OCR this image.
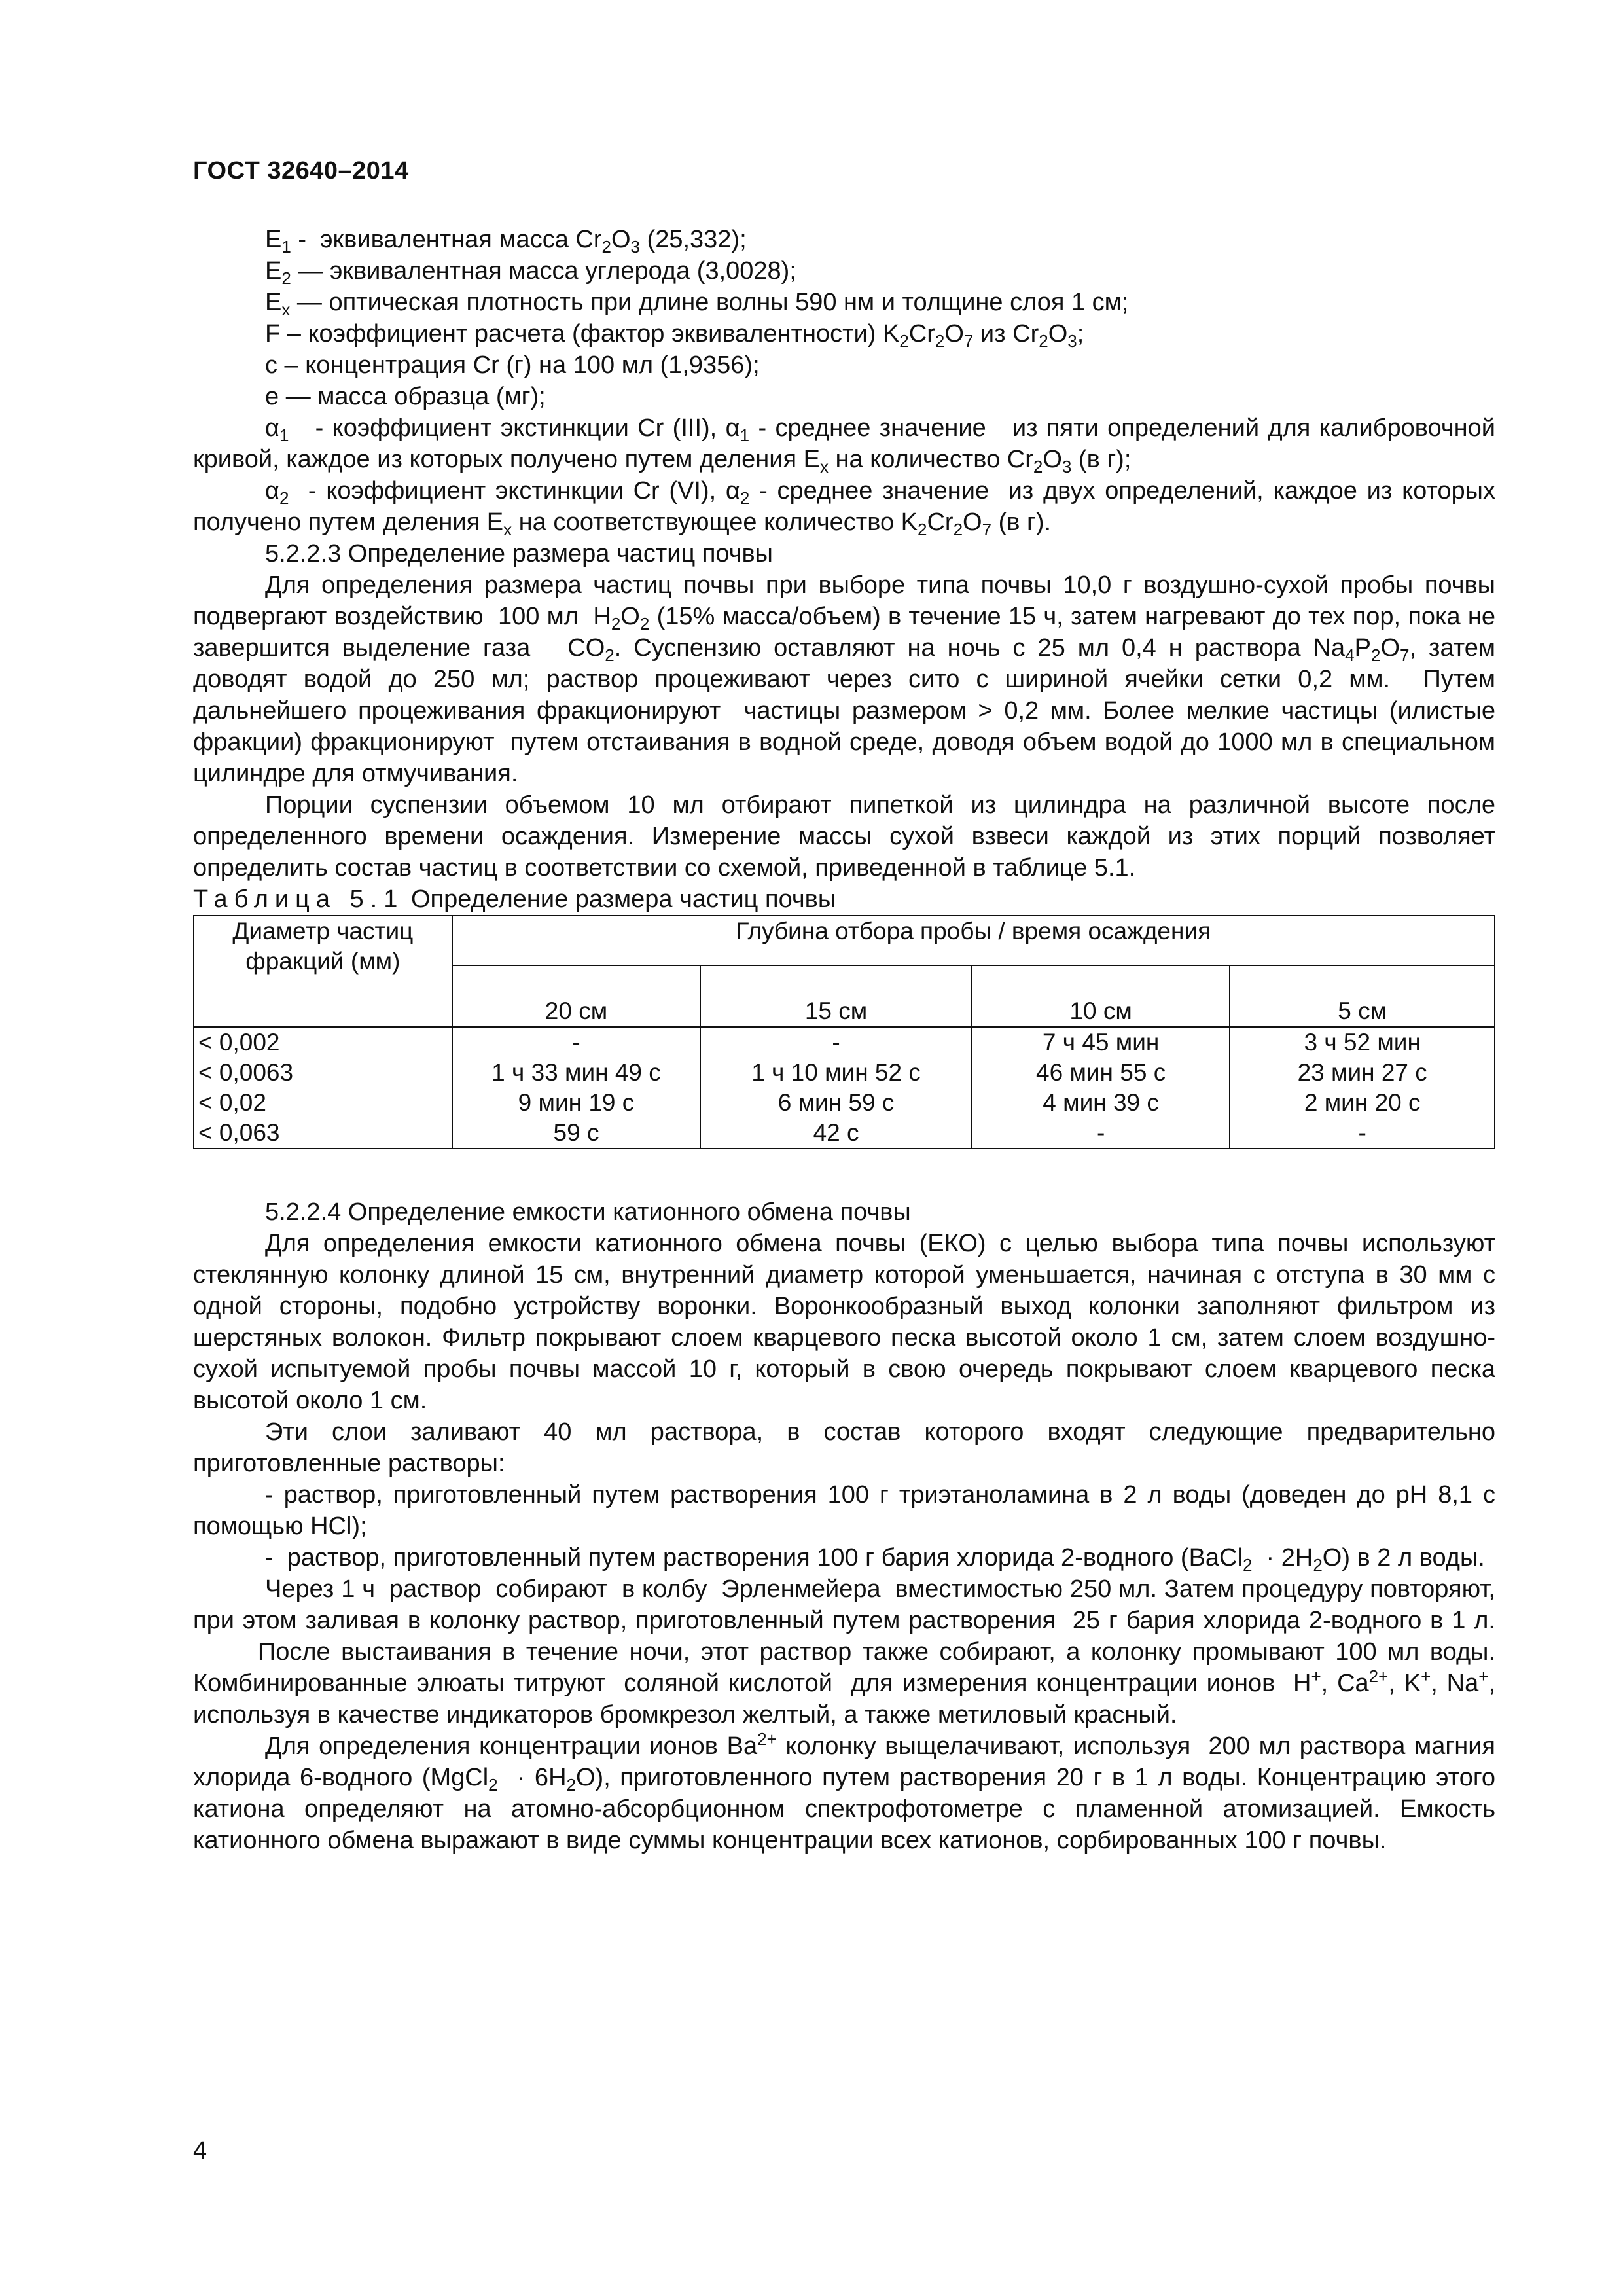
ГОСТ 32640–2014

$E_1$ -  эквивалентная масса $Cr_2O_3$ (25,332);

$E_2$ — эквивалентная масса углерода (3,0028);

$E_x$ — оптическая плотность при длине волны 590 нм и толщине слоя 1 см;

F – коэффициент расчета (фактор эквивалентности) $K_2Cr_2O_7$ из $Cr_2O_3$;

c – концентрация Cr (г) на 100 мл (1,9356);

e — масса образца (мг);

$\alpha_1$   - коэффициент экстинкции Cr (III), $\alpha_1$ - среднее значение   из пяти определений для калибровочной кривой, каждое из которых получено путем деления $E_x$ на количество $Cr_2O_3$ (в г);

$\alpha_2$  - коэффициент экстинкции Cr (VI), $\alpha_2$ - среднее значение  из двух определений, каждое из которых получено путем деления $E_x$ на соответствующее количество $K_2Cr_2O_7$ (в г).

5.2.2.3 Определение размера частиц почвы

Для определения размера частиц почвы при выборе типа почвы 10,0 г воздушно-сухой пробы почвы подвергают воздействию  100 мл  $H_2O_2$ (15% масса/объем) в течение 15 ч, затем нагревают до тех пор, пока не завершится выделение газа   $CO_2$. Суспензию оставляют на ночь с 25 мл 0,4 н раствора $Na_4P_2O_7$, затем доводят водой до 250 мл; раствор процеживают через сито с шириной ячейки сетки 0,2 мм.  Путем дальнейшего процеживания фракционируют  частицы размером > 0,2 мм. Более мелкие частицы (илистые фракции) фракционируют  путем отстаивания в водной среде, доводя объем водой до 1000 мл в специальном цилиндре для отмучивания.

Порции суспензии объемом 10 мл отбирают пипеткой из цилиндра на различной высоте после определенного времени осаждения. Измерение массы сухой взвеси каждой из этих порций позволяет определить состав частиц в соответствии со схемой, приведенной в таблице 5.1.

Таблица 5.1 Определение размера частиц почвы

Диаметр частиц фракций (мм)	Глубина отбора пробы / время осаждения			
	20 см	15 см	10 см	5 см
< 0,002	-	-	7 ч 45 мин	3 ч 52 мин
< 0,0063	1 ч 33 мин 49 с	1 ч 10 мин 52 с	46 мин 55 с	23 мин 27 с
< 0,02	9 мин 19 с	6 мин 59 с	4 мин 39 с	2 мин 20 с
< 0,063	59 с	42 с	-	-

5.2.2.4 Определение емкости катионного обмена почвы

Для определения емкости катионного обмена почвы (ЕКО) с целью выбора типа почвы используют стеклянную колонку длиной 15 см, внутренний диаметр которой уменьшается, начиная с отступа в 30 мм с одной стороны, подобно устройству воронки. Воронкообразный выход колонки заполняют фильтром из шерстяных волокон. Фильтр покрывают слоем кварцевого песка высотой около 1 см, затем слоем воздушно-сухой испытуемой пробы почвы массой 10 г, который в свою очередь покрывают слоем кварцевого песка высотой около 1 см.

Эти слои заливают 40 мл раствора, в состав которого входят следующие предварительно приготовленные растворы:

- раствор, приготовленный путем растворения 100 г триэтаноламина в 2 л воды (доведен до pH 8,1 с помощью HCl);

-  раствор, приготовленный путем растворения 100 г бария хлорида 2-водного (BaCl$_2$  · $2H_2O$) в 2 л воды.

Через 1 ч  раствор  собирают  в колбу  Эрленмейера  вместимостью 250 мл. Затем процедуру повторяют, при этом заливая в колонку раствор, приготовленный путем растворения  25 г бария хлорида 2-водного в 1 л.       После выстаивания в течение ночи, этот раствор также собирают, а колонку промывают 100 мл воды. Комбинированные элюаты титруют  соляной кислотой  для измерения концентрации ионов  H+, $Ca^{2+}$, K+, Na+, используя в качестве индикаторов бромкрезол желтый, а также метиловый красный.

Для определения концентрации ионов $Ba^{2+}$ колонку выщелачивают, используя  200 мл раствора магния хлорида 6-водного (MgCl$_2$  · $6H_2O$), приготовленного путем растворения 20 г в 1 л воды. Концентрацию этого катиона определяют на атомно-абсорбционном спектрофотометре с пламенной атомизацией. Емкость катионного обмена выражают в виде суммы концентрации всех катионов, сорбированных 100 г почвы.

4
